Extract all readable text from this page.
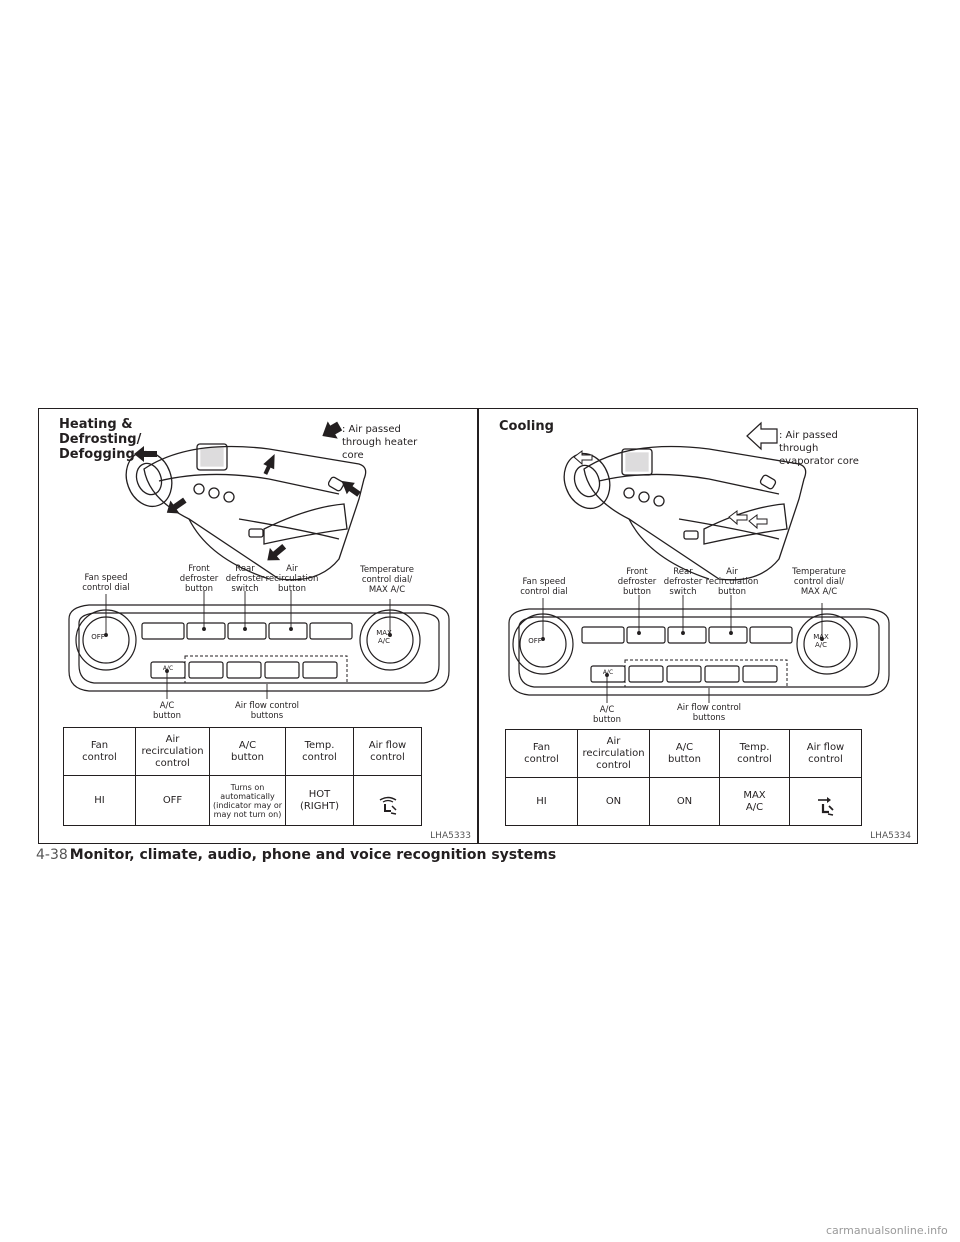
Heating &
Defrosting/
Defogging
: Air passed
through heater
core
Fan speed
control dial
Front
defroster
button
Rear
defroster
switch
Air
recirculation
button
Temperature
control dial/
MAX A/C
OFF	MAX
A/C
A/C
A/C
button
Air flow control
buttons
Fan
control	Air
recirculation
control	A/C
button	Temp.
control	Air flow
control
HI	OFF	Turns on
automatically
(indicator may or
may not turn on)	HOT
(RIGHT)	

LHA5333
Cooling
: Air passed
through
evaporator core
Fan speed
control dial
Front
defroster
button
Rear
defroster
switch
Air
recirculation
button
Temperature
control dial/
MAX A/C
OFF	MAX
A/C
A/C
A/C
button
Air flow control
buttons
Fan
control	Air
recirculation
control	A/C
button	Temp.
control	Air flow
control
HI	ON	ON	MAX
A/C	

LHA5334
4-38 Monitor, climate, audio, phone and voice recognition systems
carmanualsonline.info
